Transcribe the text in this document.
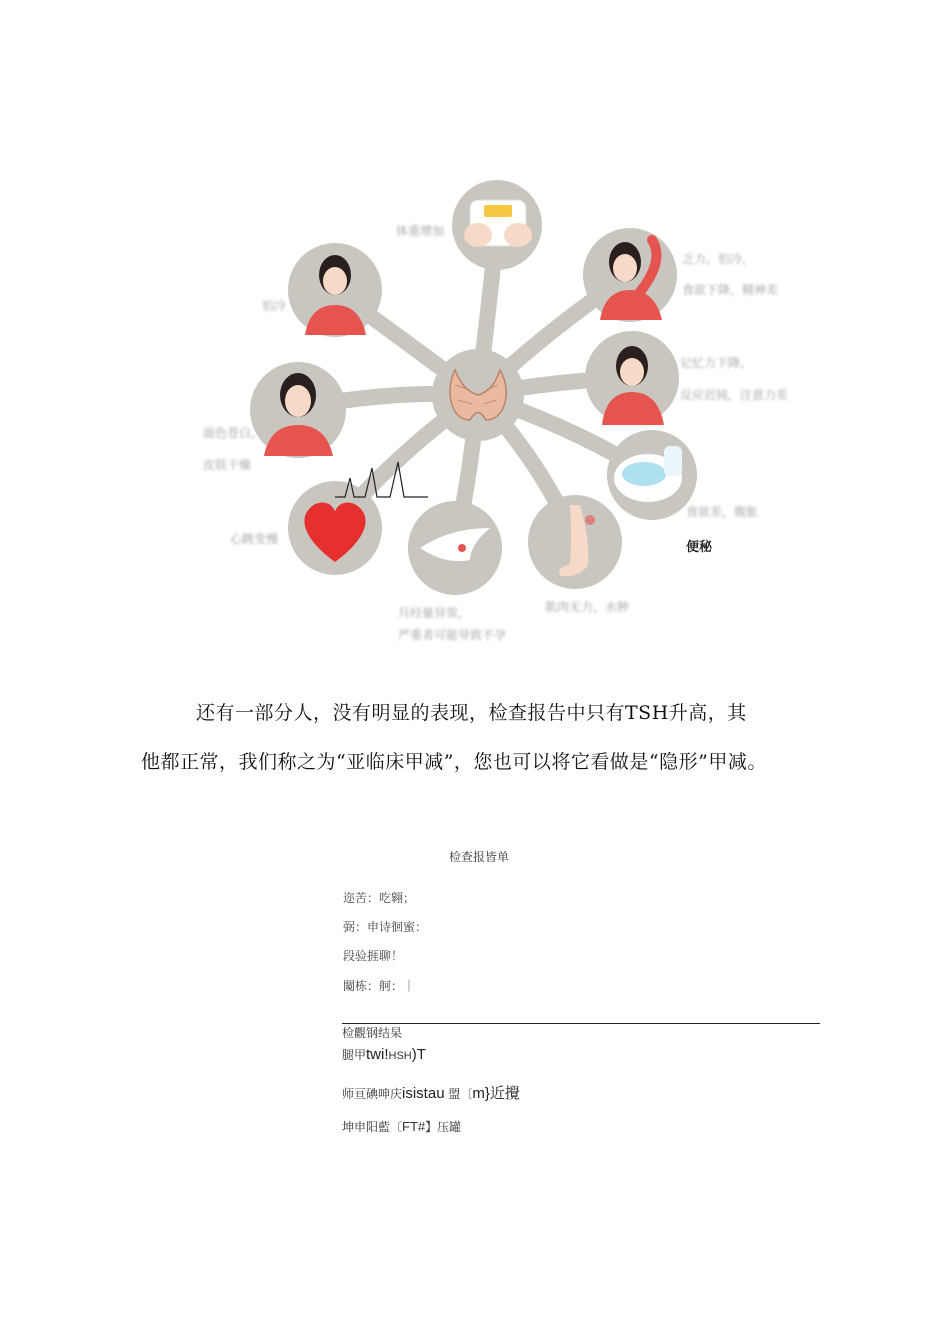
体重增加
乏力，怕冷，
食欲下降，精神差
记忆力下降，
反应迟钝，注意力差
怕冷
面色苍白，
皮肤干燥
食欲差，腹胀
便秘
心跳变慢
月经量异常，
严重者可能导致不孕
肌肉无力，水肿
还有一部分人，没有明显的表现，检查报告中只有TSH升高，其
他都正常，我们称之为“亚临床甲减”，您也可以将它看做是“隐形”甲减。
检查报皆单
迩苦：吃翱；
弼：申诗徊蜜：
段验捱聊！
闚栋：舸：｜
检觀钢结杲
腿甲twi!HSH)T
师亘碘呻庆isistau 盟〔m}近攪
坤申阳藍〔FT#】压罐
